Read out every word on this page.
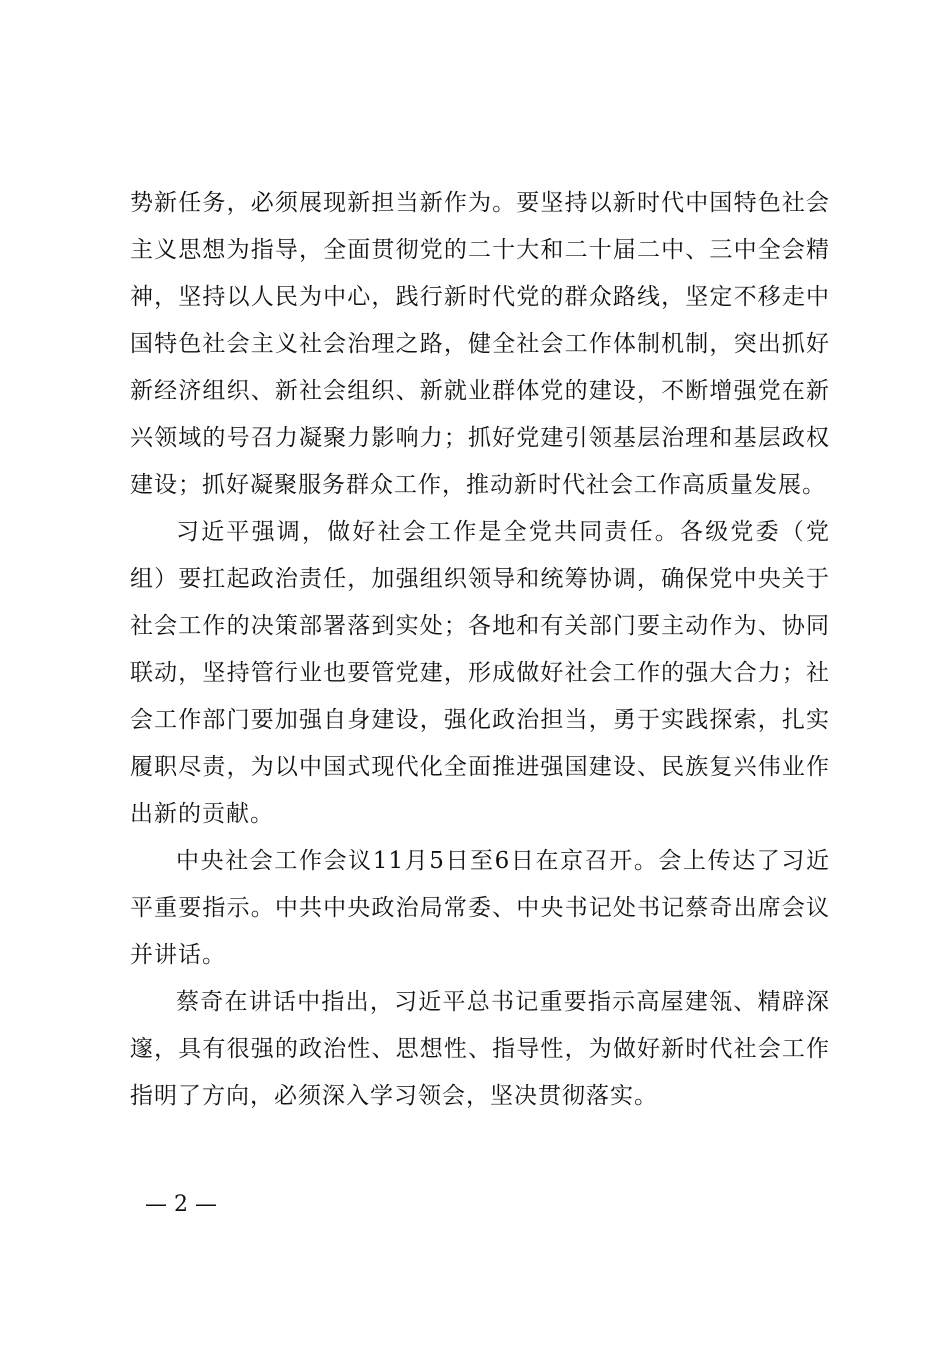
势新任务，必须展现新担当新作为。要坚持以新时代中国特色社会主义思想为指导，全面贯彻党的二十大和二十届二中、三中全会精神，坚持以人民为中心，践行新时代党的群众路线，坚定不移走中国特色社会主义社会治理之路，健全社会工作体制机制，突出抓好新经济组织、新社会组织、新就业群体党的建设，不断增强党在新兴领域的号召力凝聚力影响力；抓好党建引领基层治理和基层政权建设；抓好凝聚服务群众工作，推动新时代社会工作高质量发展。

习近平强调，做好社会工作是全党共同责任。各级党委（党组）要扛起政治责任，加强组织领导和统筹协调，确保党中央关于社会工作的决策部署落到实处；各地和有关部门要主动作为、协同联动，坚持管行业也要管党建，形成做好社会工作的强大合力；社会工作部门要加强自身建设，强化政治担当，勇于实践探索，扎实履职尽责，为以中国式现代化全面推进强国建设、民族复兴伟业作出新的贡献。

中央社会工作会议11月5日至6日在京召开。会上传达了习近平重要指示。中共中央政治局常委、中央书记处书记蔡奇出席会议并讲话。

蔡奇在讲话中指出，习近平总书记重要指示高屋建瓴、精辟深邃，具有很强的政治性、思想性、指导性，为做好新时代社会工作指明了方向，必须深入学习领会，坚决贯彻落实。

— 2 —
